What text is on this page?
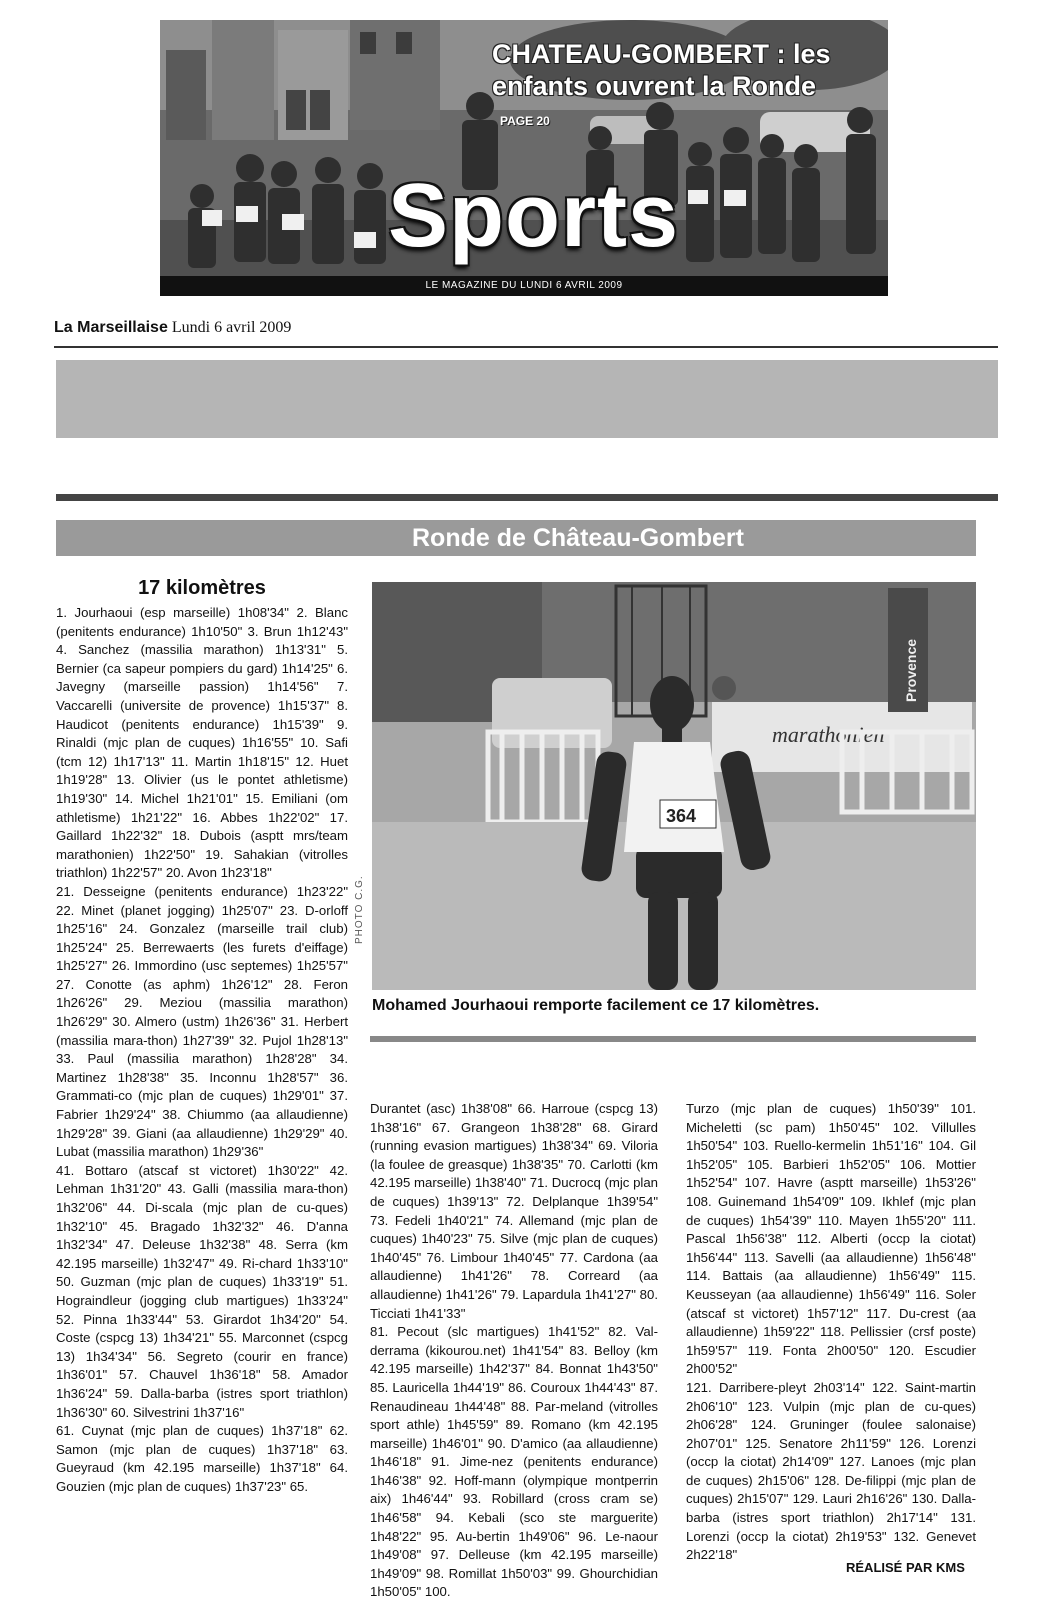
CHATEAU-GOMBERT : les
enfants ouvrent la Ronde
PAGE 20
Sports
LE MAGAZINE DU LUNDI 6 AVRIL 2009
La Marseillaise Lundi 6 avril 2009
Ronde de Château-Gombert
17 kilomètres

1. Jourhaoui (esp marseille) 1h08'34" 2. Blanc (penitents endurance) 1h10'50" 3. Brun 1h12'43" 4. Sanchez (massilia marathon) 1h13'31" 5. Bernier (ca sapeur pompiers du gard) 1h14'25" 6. Javegny (marseille passion) 1h14'56" 7. Vaccarelli (universite de provence) 1h15'37" 8. Haudicot (penitents endurance) 1h15'39" 9. Rinaldi (mjc plan de cuques) 1h16'55" 10. Safi (tcm 12) 1h17'13" 11. Martin 1h18'15" 12. Huet 1h19'28" 13. Olivier (us le pontet athletisme) 1h19'30" 14. Michel 1h21'01" 15. Emiliani (om athletisme) 1h21'22" 16. Abbes 1h22'02" 17. Gaillard 1h22'32" 18. Dubois (asptt mrs/team marathonien) 1h22'50" 19. Sahakian (vitrolles triathlon) 1h22'57" 20. Avon 1h23'18"

21. Desseigne (penitents endurance) 1h23'22" 22. Minet (planet jogging) 1h25'07" 23. D-orloff 1h25'16" 24. Gonzalez (marseille trail club) 1h25'24" 25. Berrewaerts (les furets d'eiffage) 1h25'27" 26. Immordino (usc septemes) 1h25'57" 27. Conotte (as aphm) 1h26'12" 28. Feron 1h26'26" 29. Meziou (massilia marathon) 1h26'29" 30. Almero (ustm) 1h26'36" 31. Herbert (massilia mara-thon) 1h27'39" 32. Pujol 1h28'13" 33. Paul (massilia marathon) 1h28'28" 34. Martinez 1h28'38" 35. Inconnu 1h28'57" 36. Grammati-co (mjc plan de cuques) 1h29'01" 37. Fabrier 1h29'24" 38. Chiummo (aa allaudienne) 1h29'28" 39. Giani (aa allaudienne) 1h29'29" 40. Lubat (massilia marathon) 1h29'36"

41. Bottaro (atscaf st victoret) 1h30'22" 42. Lehman 1h31'20" 43. Galli (massilia mara-thon) 1h32'06" 44. Di-scala (mjc plan de cu-ques) 1h32'10" 45. Bragado 1h32'32" 46. D'anna 1h32'34" 47. Deleuse 1h32'38" 48. Serra (km 42.195 marseille) 1h32'47" 49. Ri-chard 1h33'10" 50. Guzman (mjc plan de cuques) 1h33'19" 51. Hograindleur (jogging club martigues) 1h33'24" 52. Pinna 1h33'44" 53. Girardot 1h34'20" 54. Coste (cspcg 13) 1h34'21" 55. Marconnet (cspcg 13) 1h34'34" 56. Segreto (courir en france) 1h36'01" 57. Chauvel 1h36'18" 58. Amador 1h36'24" 59. Dalla-barba (istres sport triathlon) 1h36'30" 60. Silvestrini 1h37'16"

61. Cuynat (mjc plan de cuques) 1h37'18" 62. Samon (mjc plan de cuques) 1h37'18" 63. Gueyraud (km 42.195 marseille) 1h37'18" 64. Gouzien (mjc plan de cuques) 1h37'23" 65.

marathonien
Provence
364
PHOTO C.G.
Mohamed Jourhaoui remporte facilement ce 17 kilomètres.

Durantet (asc) 1h38'08" 66. Harroue (cspcg 13) 1h38'16" 67. Grangeon 1h38'28" 68. Girard (running evasion martigues) 1h38'34" 69. Viloria (la foulee de greasque) 1h38'35" 70. Carlotti (km 42.195 marseille) 1h38'40" 71. Ducrocq (mjc plan de cuques) 1h39'13" 72. Delplanque 1h39'54" 73. Fedeli 1h40'21" 74. Allemand (mjc plan de cuques) 1h40'23" 75. Silve (mjc plan de cuques) 1h40'45" 76. Limbour 1h40'45" 77. Cardona (aa allaudienne) 1h41'26" 78. Correard (aa allaudienne) 1h41'26" 79. Lapardula 1h41'27" 80. Ticciati 1h41'33"

81. Pecout (slc martigues) 1h41'52" 82. Val-derrama (kikourou.net) 1h41'54" 83. Belloy (km 42.195 marseille) 1h42'37" 84. Bonnat 1h43'50" 85. Lauricella 1h44'19" 86. Couroux 1h44'43" 87. Renaudineau 1h44'48" 88. Par-meland (vitrolles sport athle) 1h45'59" 89. Romano (km 42.195 marseille) 1h46'01" 90. D'amico (aa allaudienne) 1h46'18" 91. Jime-nez (penitents endurance) 1h46'38" 92. Hoff-mann (olympique montperrin aix) 1h46'44" 93. Robillard (cross cram se) 1h46'58" 94. Kebali (sco ste marguerite) 1h48'22" 95. Au-bertin 1h49'06" 96. Le-naour 1h49'08" 97. Delleuse (km 42.195 marseille) 1h49'09" 98. Romillat 1h50'03" 99. Ghourchidian 1h50'05" 100.

Turzo (mjc plan de cuques) 1h50'39" 101. Micheletti (sc pam) 1h50'45" 102. Villulles 1h50'54" 103. Ruello-kermelin 1h51'16" 104. Gil 1h52'05" 105. Barbieri 1h52'05" 106. Mottier 1h52'54" 107. Havre (asptt marseille) 1h53'26" 108. Guinemand 1h54'09" 109. Ikhlef (mjc plan de cuques) 1h54'39" 110. Mayen 1h55'20" 111. Pascal 1h56'38" 112. Alberti (occp la ciotat) 1h56'44" 113. Savelli (aa allaudienne) 1h56'48" 114. Battais (aa allaudienne) 1h56'49" 115. Keusseyan (aa allaudienne) 1h56'49" 116. Soler (atscaf st victoret) 1h57'12" 117. Du-crest (aa allaudienne) 1h59'22" 118. Pellissier (crsf poste) 1h59'57" 119. Fonta 2h00'50" 120. Escudier 2h00'52"

121. Darribere-pleyt 2h03'14" 122. Saint-martin 2h06'10" 123. Vulpin (mjc plan de cu-ques) 2h06'28" 124. Gruninger (foulee salonaise) 2h07'01" 125. Senatore 2h11'59" 126. Lorenzi (occp la ciotat) 2h14'09" 127. Lanoes (mjc plan de cuques) 2h15'06" 128. De-filippi (mjc plan de cuques) 2h15'07" 129. Lauri 2h16'26" 130. Dalla-barba (istres sport triathlon) 2h17'14" 131. Lorenzi (occp la ciotat) 2h19'53" 132. Genevet 2h22'18"

RÉALISÉ PAR KMS
